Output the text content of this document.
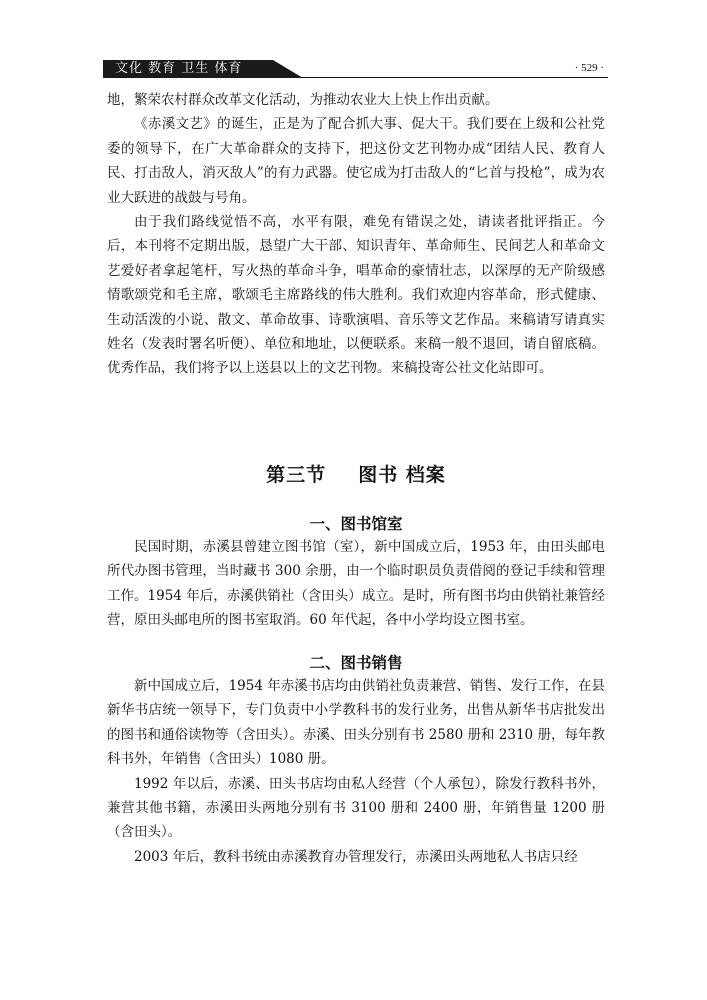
文化 教育 卫生 体育	· 529 ·

地，繁荣农村群众改革文化活动，为推动农业大上快上作出贡献。

《赤溪文艺》的诞生，正是为了配合抓大事、促大干。我们要在上级和公社党委的领导下，在广大革命群众的支持下，把这份文艺刊物办成“团结人民、教育人民、打击敌人，消灭敌人”的有力武器。使它成为打击敌人的“匕首与投枪”，成为农业大跃进的战鼓与号角。

由于我们路线觉悟不高，水平有限，难免有错误之处，请读者批评指正。今后，本刊将不定期出版，恳望广大干部、知识青年、革命师生、民间艺人和革命文艺爱好者拿起笔杆，写火热的革命斗争，唱革命的豪情壮志，以深厚的无产阶级感情歌颂党和毛主席，歌颂毛主席路线的伟大胜利。我们欢迎内容革命，形式健康、生动活泼的小说、散文、革命故事、诗歌演唱、音乐等文艺作品。来稿请写请真实姓名（发表时署名听便）、单位和地址，以便联系。来稿一般不退回，请自留底稿。优秀作品，我们将予以上送县以上的文艺刊物。来稿投寄公社文化站即可。

第三节 图书 档案
一、图书馆室

民国时期，赤溪县曾建立图书馆（室），新中国成立后，1953 年，由田头邮电所代办图书管理，当时藏书 300 余册，由一个临时职员负责借阅的登记手续和管理工作。1954 年后，赤溪供销社（含田头）成立。是时，所有图书均由供销社兼管经营，原田头邮电所的图书室取消。60 年代起，各中小学均设立图书室。

二、图书销售

新中国成立后，1954 年赤溪书店均由供销社负责兼营、销售、发行工作，在县新华书店统一领导下，专门负责中小学教科书的发行业务，出售从新华书店批发出的图书和通俗读物等（含田头）。赤溪、田头分别有书 2580 册和 2310 册，每年教科书外，年销售（含田头）1080 册。

1992 年以后，赤溪、田头书店均由私人经营（个人承包），除发行教科书外，兼营其他书籍，赤溪田头两地分别有书 3100 册和 2400 册，年销售量 1200 册（含田头）。

2003 年后，教科书统由赤溪教育办管理发行，赤溪田头两地私人书店只经
